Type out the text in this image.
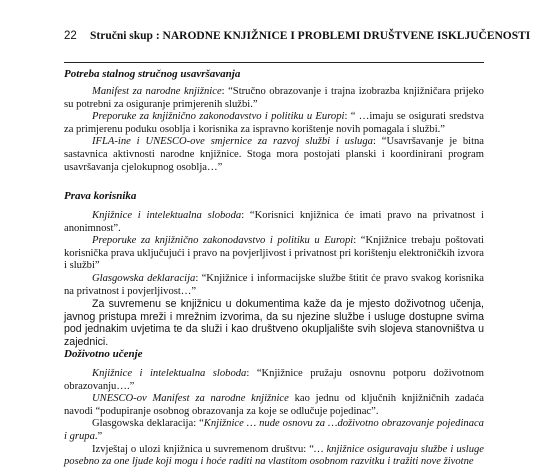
22 Stručni skup : NARODNE KNJIŽNICE I PROBLEMI DRUŠTVENE ISKLJUČENOSTI
Potreba stalnog stručnog usavršavanja

Manifest za narodne knjižnice: “Stručno obrazovanje i trajna izobrazba knjižničara prijeko su potrebni za osiguranje primjerenih službi.”

Preporuke za knjižnično zakonodavstvo i politiku u Europi: “ …imaju se osigurati sredstva za primjerenu poduku osoblja i korisnika za ispravno korištenje novih pomagala i službi.”

IFLA-ine i UNESCO-ove smjernice za razvoj službi i usluga: “Usavršavanje je bitna sastavnica aktivnosti narodne knjižnice. Stoga mora postojati planski i koordinirani program usavršavanja cjelokupnog osoblja…”

Prava korisnika

Knjižnice i intelektualna sloboda: “Korisnici knjižnica će imati pravo na privatnost i anonimnost”.

Preporuke za knjižnično zakonodavstvo i politiku u Europi: “Knjižnice trebaju poštovati korisnička prava uključujući i pravo na povjerljivost i privatnost pri korištenju elektroničkih izvora i službi”

Glasgowska deklaracija: “Knjižnice i informacijske službe štitit će pravo svakog korisnika na privatnost i povjerljivost…”

Za suvremenu se knjižnicu u dokumentima kaže da je mjesto doživotnog učenja, javnog pristupa mreži i mrežnim izvorima, da su njezine službe i usluge dostupne svima pod jednakim uvjetima te da služi i kao društveno okupljalište svih slojeva stanovništva u zajednici.

Doživotno učenje

Knjižnice i intelektualna sloboda: “Knjižnice pružaju osnovnu potporu doživotnom obrazovanju….”

UNESCO-ov Manifest za narodne knjižnice kao jednu od ključnih knjižničnih zadaća navodi “podupiranje osobnog obrazovanja za koje se odlučuje pojedinac”.

Glasgowska deklaracija: “Knjižnice … nude osnovu za …doživotno obrazovanje pojedinaca i grupa.”

Izvještaj o ulozi knjižnica u suvremenom društvu: “… knjižnice osiguravaju službe i usluge posebno za one ljude koji mogu i hoće raditi na vlastitom osobnom razvitku i tražiti nove životne
